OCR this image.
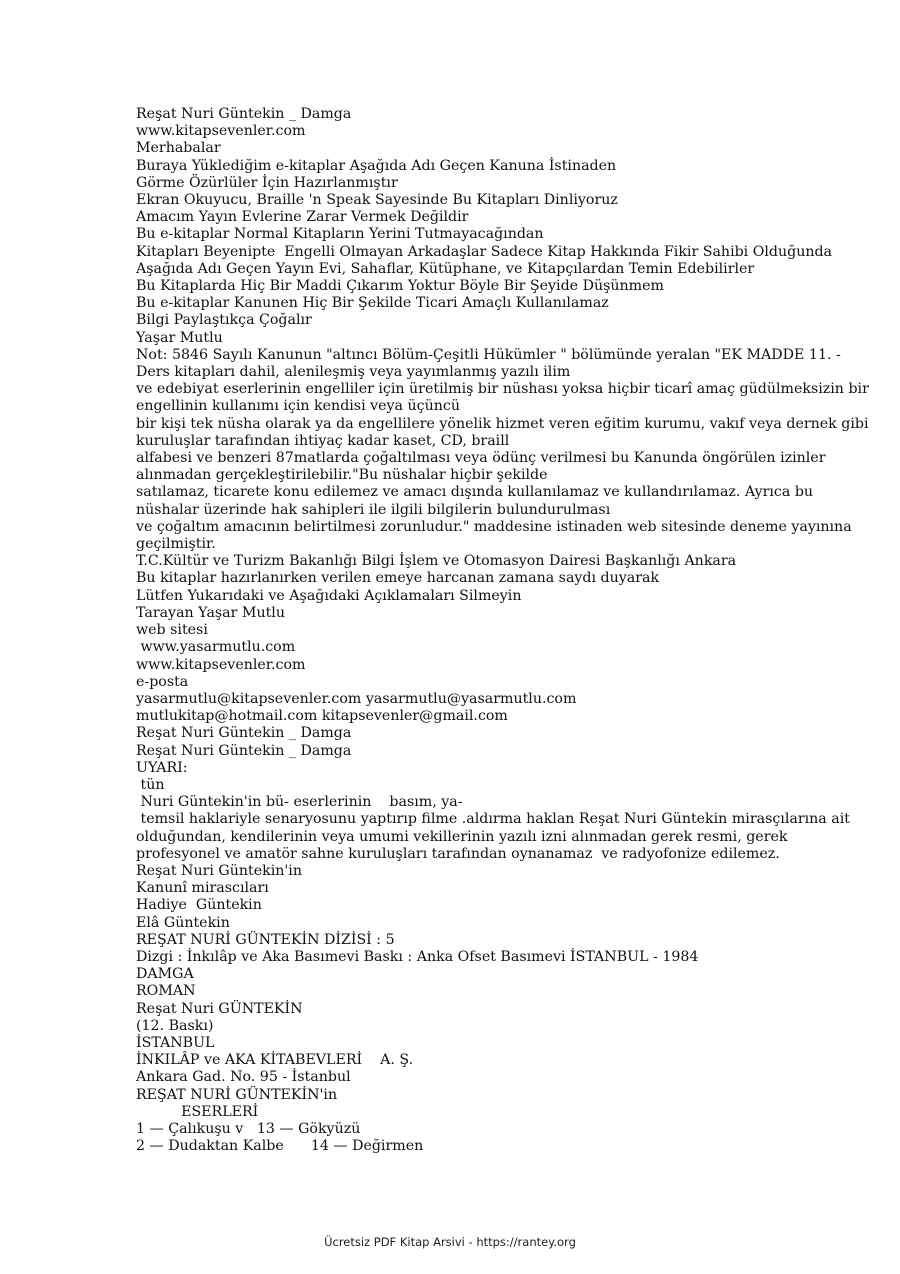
Reşat Nuri Güntekin _ Damga
www.kitapsevenler.com
Merhabalar
Buraya Yüklediğim e-kitaplar Aşağıda Adı Geçen Kanuna İstinaden
Görme Özürlüler İçin Hazırlanmıştır
Ekran Okuyucu, Braille 'n Speak Sayesinde Bu Kitapları Dinliyoruz
Amacım Yayın Evlerine Zarar Vermek Değildir
Bu e-kitaplar Normal Kitapların Yerini Tutmayacağından
Kitapları Beyenipte  Engelli Olmayan Arkadaşlar Sadece Kitap Hakkında Fikir Sahibi Olduğunda
Aşağıda Adı Geçen Yayın Evi, Sahaflar, Kütüphane, ve Kitapçılardan Temin Edebilirler
Bu Kitaplarda Hiç Bir Maddi Çıkarım Yoktur Böyle Bir Şeyide Düşünmem
Bu e-kitaplar Kanunen Hiç Bir Şekilde Ticari Amaçlı Kullanılamaz
Bilgi Paylaştıkça Çoğalır
Yaşar Mutlu
Not: 5846 Sayılı Kanunun "altıncı Bölüm-Çeşitli Hükümler " bölümünde yeralan "EK MADDE 11. -
Ders kitapları dahil, aleni̇leşmiş veya yayımlanmış yazılı ilim
ve edebiyat eserlerinin engelliler için üretilmiş bir nüshası yoksa hiçbir ticarî amaç güdülmeksizin bir
engellinin kullanımı için kendisi veya üçüncü
bir kişi tek nüsha olarak ya da engellilere yönelik hizmet veren eğitim kurumu, vakıf veya dernek gibi
kuruluşlar tarafından ihtiyaç kadar kaset, CD, braill
alfabesi ve benzeri 87matlarda çoğaltılması veya ödünç verilmesi bu Kanunda öngörülen izinler
alınmadan gerçekleştirilebilir."Bu nüshalar hiçbir şekilde
satılamaz, ticarete konu edilemez ve amacı dışında kullanılamaz ve kullandırılamaz. Ayrıca bu
nüshalar üzerinde hak sahipleri ile ilgili bilgilerin bulundurulması
ve çoğaltım amacının belirtilmesi zorunludur." maddesine istinaden web sitesinde deneme yayınına
geçilmiştir.
T.C.Kültür ve Turizm Bakanlığı Bilgi İşlem ve Otomasyon Dairesi Başkanlığı Ankara
Bu kitaplar hazırlanırken verilen emeye harcanan zamana saydı duyarak
Lütfen Yukarıdaki ve Aşağıdaki Açıklamaları Silmeyin
Tarayan Yaşar Mutlu
web sitesi
www.yasarmutlu.com
www.kitapsevenler.com
e-posta
yasarmutlu@kitapsevenler.com yasarmutlu@yasarmutlu.com
mutlukitap@hotmail.com kitapsevenler@gmail.com
Reşat Nuri Güntekin _ Damga
Reşat Nuri Güntekin _ Damga
UYARI:
tün
Nuri Güntekin'in bü- eserlerinin    basım, ya-
temsil haklariyle senaryosunu yaptırıp filme .aldırma haklan Reşat Nuri Güntekin mirasçılarına ait
olduğundan, kendilerinin veya umumi vekillerinin yazılı izni alınmadan gerek resmi, gerek
profesyonel ve amatör sahne kuruluşları tarafından oynanamaz  ve radyofonize edilemez.
Reşat Nuri Güntekin'in
Kanunî mirascıları
Hadiye  Güntekin
Elâ Güntekin
REŞAT NURİ GÜNTEKİN DİZİSİ : 5
Dizgi : İnkılâp ve Aka Basımevi Baskı : Anka Ofset Basımevi İSTANBUL - 1984
DAMGA
ROMAN
Reşat Nuri GÜNTEKİN
(12. Baskı)
İSTANBUL
İNKILÂP ve AKA KİTABEVLERİ    A. Ş.
Ankara Gad. No. 95 - İstanbul
REŞAT NURİ GÜNTEKİN'in
ESERLERİ
1 — Çalıkuşu v   13 — Gökyüzü
2 — Dudaktan Kalbe      14 — Değirmen
Ücretsiz PDF Kitap Arsivi - https://rantey.org
